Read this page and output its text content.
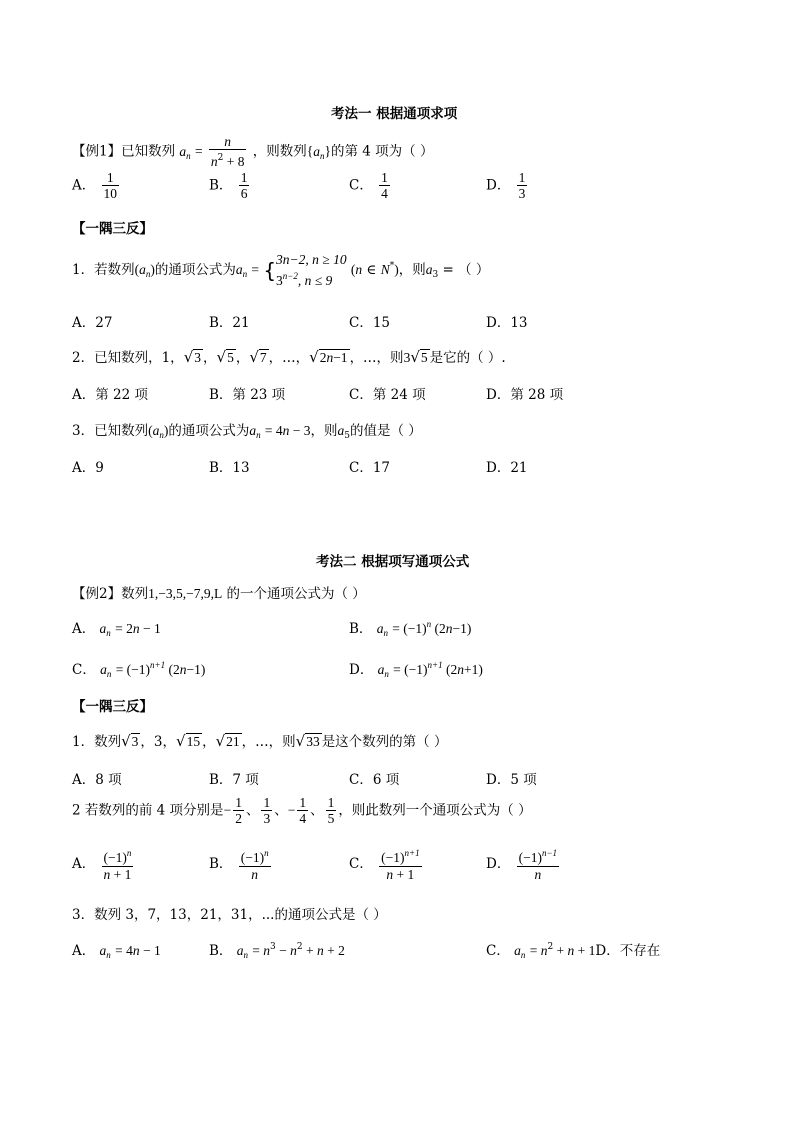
考法一 根据通项求项
【例1】已知数列 $a_n = \frac{n}{n^2 + 8}$ ，则数列$\{a_n\}$的第 4 项为（ ）
A． $\frac{1}{10}$	B． $\frac{1}{6}$	C． $\frac{1}{4}$	D． $\frac{1}{3}$
【一隅三反】
1．若数列$(a_n)$的通项公式为$a_n$ = { 3n−2, n ≥ 10
$3^{n-2}$, n ≤ 9
(n ∈ N*)，则$a_3$ = （ ）
A．27	B．21	C．15	D．13
2．已知数列，1，√3 ，√5 ，√7 ，…，√2n−1 ，…，则3√5 是它的（ ）.
A．第 22 项	B．第 23 项	C．第 24 项	D．第 28 项
3．已知数列$(a_n)$的通项公式为$a_n = 4n - 3$，则$a_5$的值是（ ）
A．9	B．13	C．17	D．21
考法二 根据项写通项公式
【例2】数列1,−3,5,−7,9,L 的一个通项公式为（ ）
A． $a_n = 2n - 1$	B． $a_n = (-1)^n$ (2n−1)
C． $a_n = (-1)^{n+1}$ (2n−1)	D． $a_n = (-1)^{n+1}$ (2n+1)
【一隅三反】
1．数列√3 ，3，√15 ，√21 ，…，则√33 是这个数列的第（ ）
A．8 项	B．7 项	C．6 项	D．5 项
2 若数列的前 4 项分别是− $\frac{1}{2}$ 、 $\frac{1}{3}$ 、− $\frac{1}{4}$ 、 $\frac{1}{5}$ ，则此数列一个通项公式为（ ）
A． $\frac{(-1)^n}{n + 1}$	B． $\frac{(-1)^n}{n}$	C． $\frac{(-1)^{n+1}}{n + 1}$	D． $\frac{(-1)^{n-1}}{n}$
3．数列 3，7，13，21，31，...的通项公式是（ ）
A． $a_n = 4n - 1$	B． $a_n = n^3 - n^2 + n + 2$	C． $a_n = n^2 + n + 1D$．不存在
